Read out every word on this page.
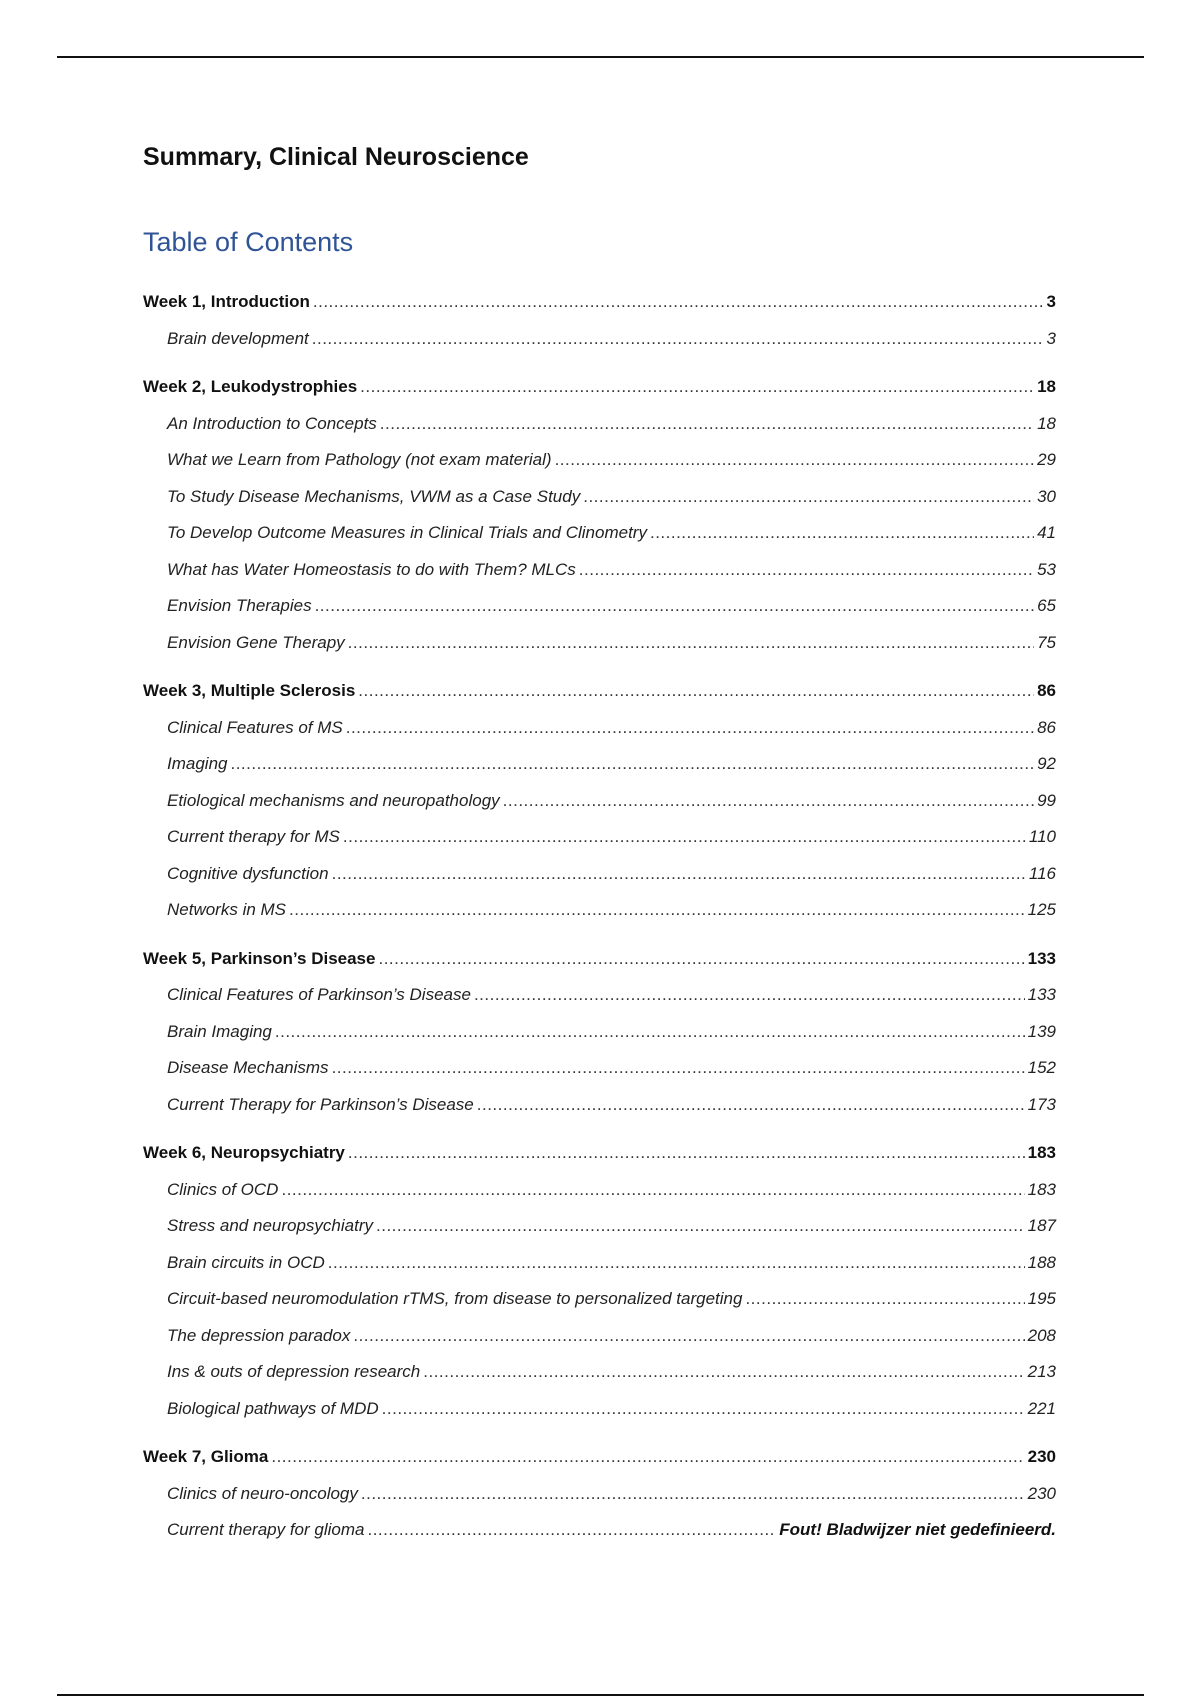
Summary, Clinical Neuroscience
Table of Contents
Week 1, Introduction .....	3
Brain development .....	3
Week 2, Leukodystrophies .....	18
An Introduction to Concepts .....	18
What we Learn from Pathology (not exam material) .....	29
To Study Disease Mechanisms, VWM as a Case Study .....	30
To Develop Outcome Measures in Clinical Trials and Clinometry .....	41
What has Water Homeostasis to do with Them? MLCs .....	53
Envision Therapies .....	65
Envision Gene Therapy .....	75
Week 3, Multiple Sclerosis .....	86
Clinical Features of MS .....	86
Imaging .....	92
Etiological mechanisms and neuropathology .....	99
Current therapy for MS .....	110
Cognitive dysfunction .....	116
Networks in MS .....	125
Week 5, Parkinson’s Disease .....	133
Clinical Features of Parkinson’s Disease .....	133
Brain Imaging .....	139
Disease Mechanisms .....	152
Current Therapy for Parkinson’s Disease .....	173
Week 6, Neuropsychiatry .....	183
Clinics of OCD .....	183
Stress and neuropsychiatry .....	187
Brain circuits in OCD .....	188
Circuit-based neuromodulation rTMS, from disease to personalized targeting .....	195
The depression paradox .....	208
Ins & outs of depression research .....	213
Biological pathways of MDD .....	221
Week 7, Glioma .....	230
Clinics of neuro-oncology .....	230
Current therapy for glioma .....	Fout! Bladwijzer niet gedefinieerd.
